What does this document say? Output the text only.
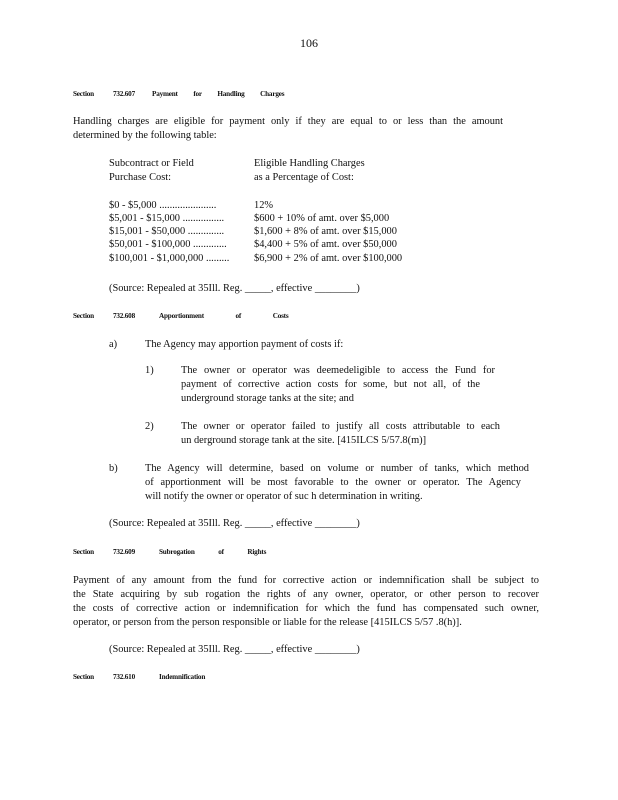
106
Section	732.607 Payment for Handling Charges
Handling charges are eligible for payment only if they are equal to or less than the amount
determined by the following table:
Subcontract or Field
Purchase Cost:
Eligible Handling Charges
as a Percentage of Cost:
$0 - $5,000 ......................	12%
$5,001 - $15,000 ................	$600 + 10% of amt. over $5,000
$15,001 - $50,000 ..............	$1,600 + 8% of amt. over $15,000
$50,001 - $100,000 .............	$4,400 + 5% of amt. over $50,000
$100,001 - $1,000,000 ......... $6,900 + 2% of amt. over $100,000
(Source: Repealed at 35Ill. Reg. _____, effective ________)
Section	732.608	Apportionment of Costs
a)	The Agency may apportion payment of costs if:
1)	The owner or operator was deemedeligible to access the Fund for
payment of corrective action costs for some, but not all, of the
underground storage tanks at the site; and
2)	The owner or operator failed to justify all costs attributable to each
un derground storage tank at the site. [415ILCS 5/57.8(m)]
b)	The Agency will determine, based on volume or number of tanks, which method
of apportionment will be most favorable to the owner or operator. The Agency
will notify the owner or operator of suc h determination in writing.
(Source: Repealed at 35Ill. Reg. _____, effective ________)
Section	732.609	Subrogation of Rights
Payment of any amount from the fund for corrective action or indemnification shall be subject to
the State acquiring by sub rogation the rights of any owner, operator, or other person to recover
the costs of corrective action or indemnification for which the fund has compensated such owner,
operator, or person from the person responsible or liable for the release [415ILCS 5/57 .8(h)].
(Source: Repealed at 35Ill. Reg. _____, effective ________)
Section	732.610	Indemnification
